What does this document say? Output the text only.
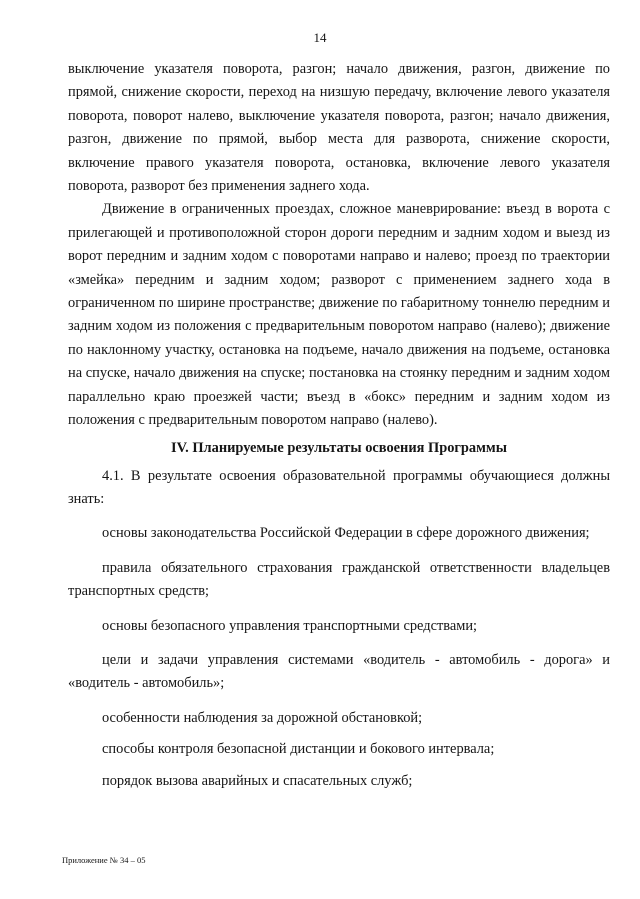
14

выключение указателя поворота, разгон; начало движения, разгон, движение по прямой, снижение скорости, переход на низшую передачу, включение левого указателя поворота, поворот налево, выключение указателя поворота, разгон; начало движения, разгон, движение по прямой, выбор места для разворота, снижение скорости, включение правого указателя поворота, остановка, включение левого указателя поворота, разворот без применения заднего хода.

Движение в ограниченных проездах, сложное маневрирование: въезд в ворота с прилегающей и противоположной сторон дороги передним и задним ходом и выезд из ворот передним и задним ходом с поворотами направо и налево; проезд по траектории «змейка» передним и задним ходом; разворот с применением заднего хода в ограниченном по ширине пространстве; движение по габаритному тоннелю передним и задним ходом из положения с предварительным поворотом направо (налево); движение по наклонному участку, остановка на подъеме, начало движения на подъеме, остановка на спуске, начало движения на спуске; постановка на стоянку передним и задним ходом параллельно краю проезжей части; въезд в «бокс» передним и задним ходом из положения с предварительным поворотом направо (налево).

IV. Планируемые результаты освоения Программы

4.1. В результате освоения образовательной программы обучающиеся должны знать:

основы законодательства Российской Федерации в сфере дорожного движения;

правила обязательного страхования гражданской ответственности владельцев транспортных средств;

основы безопасного управления транспортными средствами;

цели и задачи управления системами «водитель - автомобиль - дорога» и «водитель - автомобиль»;

особенности наблюдения за дорожной обстановкой;

способы контроля безопасной дистанции и бокового интервала;

порядок вызова аварийных и спасательных служб;

Приложение № 34 – 05
